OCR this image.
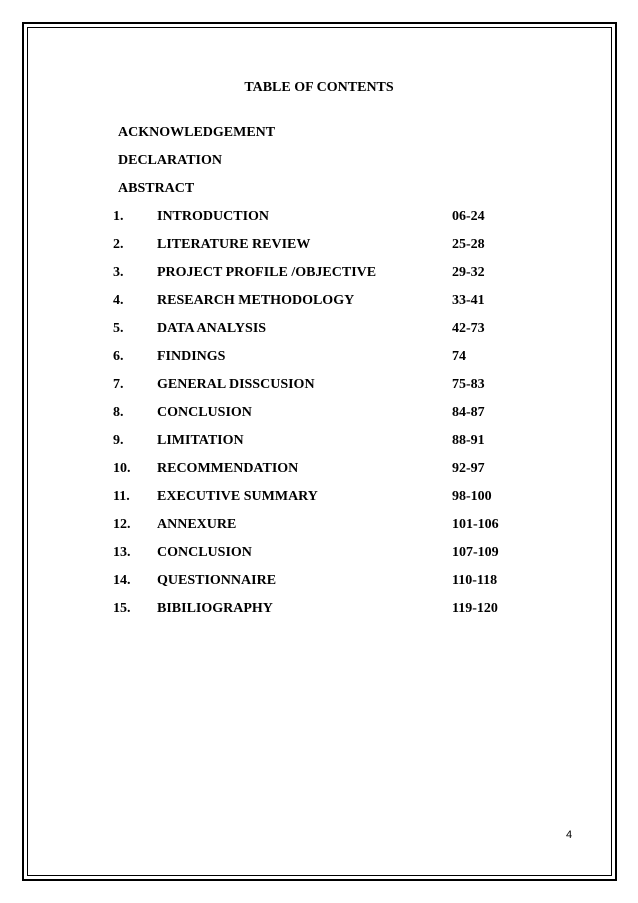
TABLE OF CONTENTS
ACKNOWLEDGEMENT
DECLARATION
ABSTRACT
1. INTRODUCTION	06-24
2. LITERATURE REVIEW	25-28
3. PROJECT PROFILE /OBJECTIVE	29-32
4. RESEARCH METHODOLOGY	33-41
5. DATA ANALYSIS	42-73
6. FINDINGS	74
7. GENERAL DISSCUSION	75-83
8. CONCLUSION	84-87
9. LIMITATION	88-91
10. RECOMMENDATION	92-97
11. EXECUTIVE SUMMARY	98-100
12. ANNEXURE	101-106
13. CONCLUSION	107-109
14. QUESTIONNAIRE	110-118
15. BIBILIOGRAPHY	119-120
4
